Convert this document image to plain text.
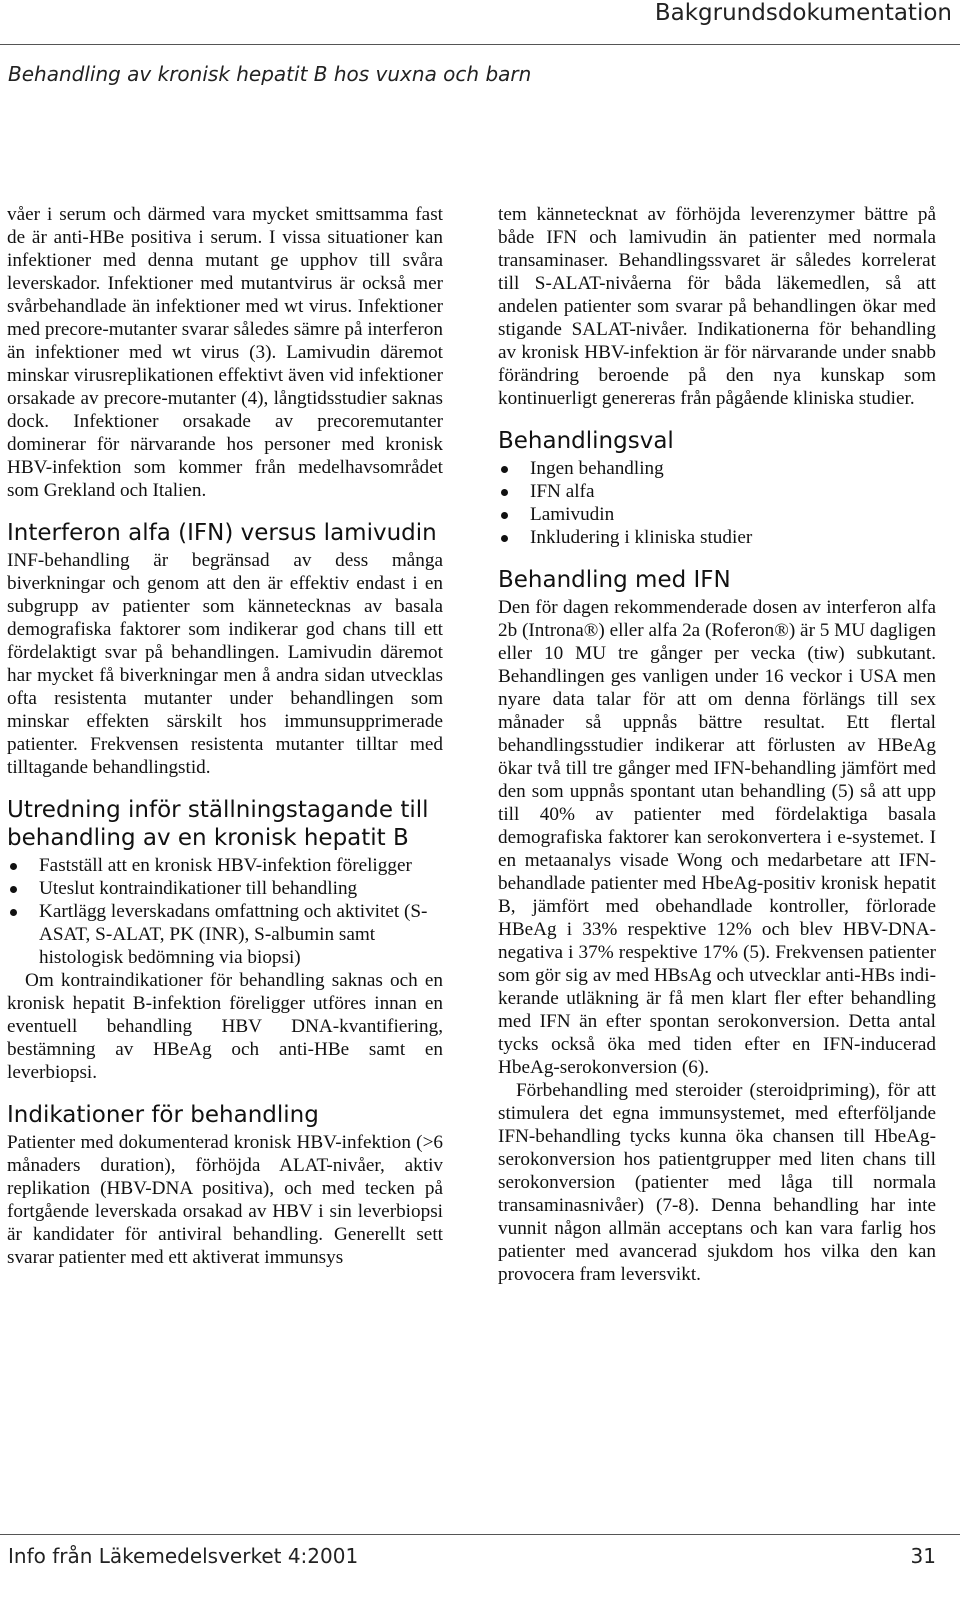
Bakgrundsdokumentation
Behandling av kronisk hepatit B hos vuxna och barn

våer i serum och därmed vara mycket smittsamma fast de är anti-HBe positiva i serum. I vissa situationer kan infektioner med denna mutant ge upphov till svåra leverskador. Infektioner med mutantvirus är också mer svårbehandlade än infektioner med wt virus. Infektioner med precore-mutanter svarar således sämre på interferon än infektioner med wt virus (3). Lamivudin däremot minskar virusreplikationen effektivt även vid infektioner orsakade av precore-mutanter (4), långtidsstudier saknas dock. Infektioner orsakade av precoremutanter dominerar för närvarande hos personer med kronisk HBV-infektion som kommer från medelhavsområdet som Grekland och Italien.

Interferon alfa (IFN) versus lamivudin

INF-behandling är begränsad av dess många biverkningar och genom att den är effektiv endast i en subgrupp av patienter som kännetecknas av basala demografiska faktorer som indikerar god chans till ett fördelaktigt svar på behandlingen. Lamivudin däremot har mycket få biverkningar men å andra sidan utvecklas ofta resistenta mutanter under behandlingen som minskar effekten särskilt hos immunsupprimerade patienter. Frekvensen resistenta mutanter tilltar med tilltagande behandlingstid.

Utredning inför ställningstagande till behandling av en kronisk hepatit B
Fastställ att en kronisk HBV-infektion föreligger
Uteslut kontraindikationer till behandling
Kartlägg leverskadans omfattning och aktivitet (S-ASAT, S-ALAT, PK (INR), S-albumin samt histologisk bedömning via biopsi)

Om kontraindikationer för behandling saknas och en kronisk hepatit B-infektion föreligger utföres innan en eventuell behandling HBV DNA-kvantifiering, bestämning av HBeAg och anti-HBe samt en leverbiopsi.

Indikationer för behandling

Patienter med dokumenterad kronisk HBV-infektion (>6 månaders duration), förhöjda ALAT-nivåer, aktiv replikation (HBV-DNA positiva), och med tecken på fortgående leverskada orsakad av HBV i sin leverbiopsi är kandidater för antiviral behandling. Generellt sett svarar patienter med ett aktiverat immunsys

tem kännetecknat av förhöjda leverenzymer bättre på både IFN och lamivudin än patienter med normala transaminaser. Behandlingssvaret är således korrelerat till S-ALAT-nivåerna för båda läkemedlen, så att andelen patienter som svarar på behandlingen ökar med stigande SALAT-nivåer. Indikationerna för behandling av kronisk HBV-infektion är för närvarande under snabb förändring beroende på den nya kunskap som kontinuerligt genereras från pågående kliniska studier.

Behandlingsval
Ingen behandling
IFN alfa
Lamivudin
Inkludering i kliniska studier
Behandling med IFN

Den för dagen rekommenderade dosen av interferon alfa 2b (Introna®) eller alfa 2a (Roferon®) är 5 MU dagligen eller 10 MU tre gånger per vecka (tiw) subkutant. Behandlingen ges vanligen under 16 veckor i USA men nyare data talar för att om denna förlängs till sex månader så uppnås bättre resultat. Ett flertal behandlingsstudier indikerar att förlusten av HBeAg ökar två till tre gånger med IFN-behandling jämfört med den som uppnås spontant utan behandling (5) så att upp till 40% av patienter med fördelaktiga basala demografiska faktorer kan serokonvertera i e-systemet. I en metaanalys visade Wong och medarbetare att IFN-behandlade patienter med HbeAg-positiv kronisk hepatit B, jämfört med obehandlade kontroller, förlorade HBeAg i 33% respektive 12% och blev HBV-DNA-negativa i 37% respektive 17% (5). Frekvensen patienter som gör sig av med HBsAg och utvecklar anti-HBs indikerande utläkning är få men klart fler efter behandling med IFN än efter spontan serokonversion. Detta antal tycks också öka med tiden efter en IFN-inducerad HbeAg-serokonversion (6).

Förbehandling med steroider (steroidpriming), för att stimulera det egna immunsystemet, med efterföljande IFN-behandling tycks kunna öka chansen till HbeAg-serokonversion hos patientgrupper med liten chans till serokonversion (patienter med låga till normala transaminasnivåer) (7-8). Denna behandling har inte vunnit någon allmän acceptans och kan vara farlig hos patienter med avancerad sjukdom hos vilka den kan provocera fram leversvikt.

Info från Läkemedelsverket 4:2001	31
